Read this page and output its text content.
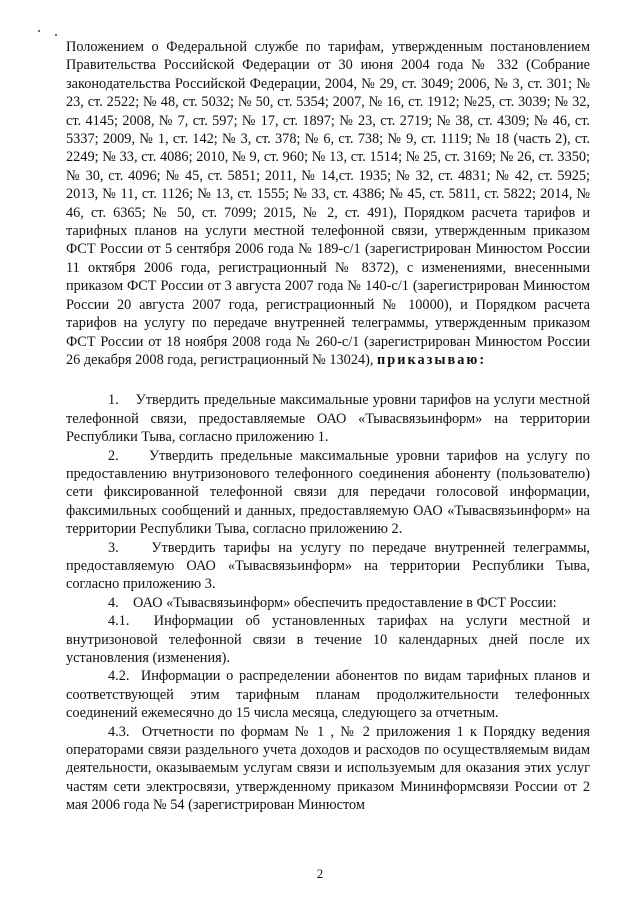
Положением о Федеральной службе по тарифам, утвержденным постановлением Правительства Российской Федерации от 30 июня 2004 года № 332 (Собрание законодательства Российской Федерации, 2004, № 29, ст. 3049; 2006, № 3, ст. 301; № 23, ст. 2522; № 48, ст. 5032; № 50, ст. 5354; 2007, № 16, ст. 1912; №25, ст. 3039; № 32, ст. 4145; 2008, № 7, ст. 597; № 17, ст. 1897; № 23, ст. 2719; № 38, ст. 4309; № 46, ст. 5337; 2009, № 1, ст. 142; № 3, ст. 378; № 6, ст. 738; № 9, ст. 1119; № 18 (часть 2), ст. 2249; № 33, ст. 4086; 2010, № 9, ст. 960; № 13, ст. 1514; № 25, ст. 3169; № 26, ст. 3350; № 30, ст. 4096; № 45, ст. 5851; 2011, № 14,ст. 1935; № 32, ст. 4831; № 42, ст. 5925; 2013, № 11, ст. 1126; № 13, ст. 1555; № 33, ст. 4386; № 45, ст. 5811, ст. 5822; 2014, № 46, ст. 6365; № 50, ст. 7099; 2015, № 2, ст. 491), Порядком расчета тарифов и тарифных планов на услуги местной телефонной связи, утвержденным приказом ФСТ России от 5 сентября 2006 года № 189-с/1 (зарегистрирован Минюстом России 11 октября 2006 года, регистрационный № 8372), с изменениями, внесенными приказом ФСТ России от 3 августа 2007 года № 140-с/1 (зарегистрирован Минюстом России 20 августа 2007 года, регистрационный № 10000), и Порядком расчета тарифов на услугу по передаче внутренней телеграммы, утвержденным приказом ФСТ России от 18 ноября 2008 года № 260-с/1 (зарегистрирован Минюстом России 26 декабря 2008 года, регистрационный № 13024), приказываю:

1. Утвердить предельные максимальные уровни тарифов на услуги местной телефонной связи, предоставляемые ОАО «Тывасвязьинформ» на территории Республики Тыва, согласно приложению 1.

2. Утвердить предельные максимальные уровни тарифов на услугу по предоставлению внутризонового телефонного соединения абоненту (пользователю) сети фиксированной телефонной связи для передачи голосовой информации, факсимильных сообщений и данных, предоставляемую ОАО «Тывасвязьинформ» на территории Республики Тыва, согласно приложению 2.

3. Утвердить тарифы на услугу по передаче внутренней телеграммы, предоставляемую ОАО «Тывасвязьинформ» на территории Республики Тыва, согласно приложению 3.

4. ОАО «Тывасвязьинформ» обеспечить предоставление в ФСТ России:

4.1. Информации об установленных тарифах на услуги местной и внутризоновой телефонной связи в течение 10 календарных дней после их установления (изменения).

4.2. Информации о распределении абонентов по видам тарифных планов и соответствующей этим тарифным планам продолжительности телефонных соединений ежемесячно до 15 числа месяца, следующего за отчетным.

4.3. Отчетности по формам № 1 , № 2 приложения 1 к Порядку ведения операторами связи раздельного учета доходов и расходов по осуществляемым видам деятельности, оказываемым услугам связи и используемым для оказания этих услуг частям сети электросвязи, утвержденному приказом Мининформсвязи России от 2 мая 2006 года № 54 (зарегистрирован Минюстом

2
